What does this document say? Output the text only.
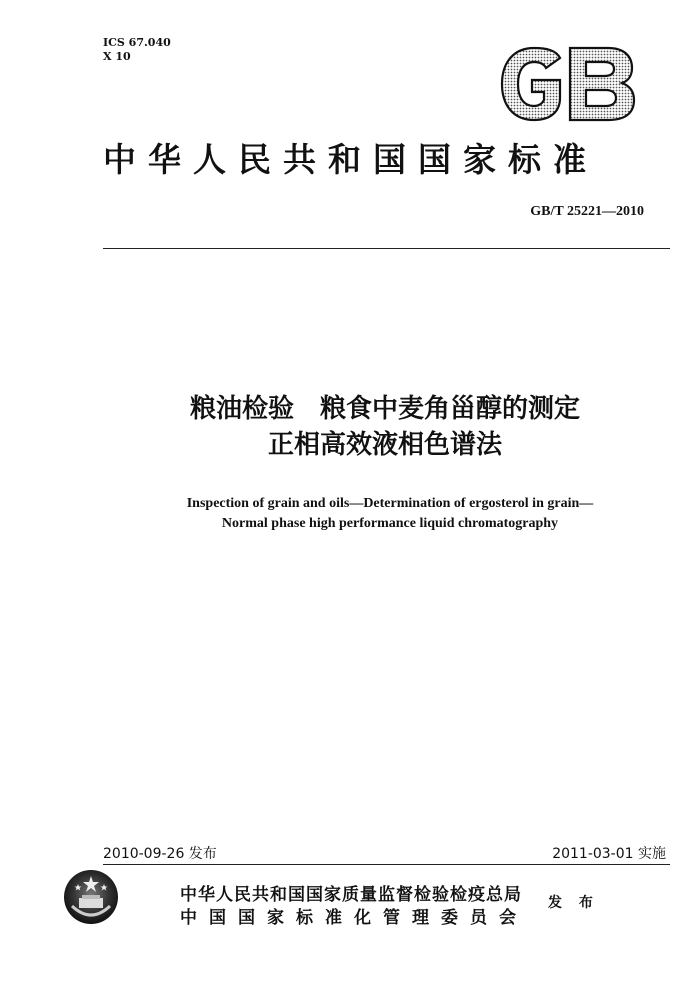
ICS 67.040
X 10
中华人民共和国国家标准
GB/T 25221—2010
粮油检验　粮食中麦角甾醇的测定
正相高效液相色谱法
Inspection of grain and oils—Determination of ergosterol in grain—
Normal phase high performance liquid chromatography
2010-09-26 发布	2011-03-01 实施
中华人民共和国国家质量监督检验检疫总局
中国国家标准化管理委员会
发 布
